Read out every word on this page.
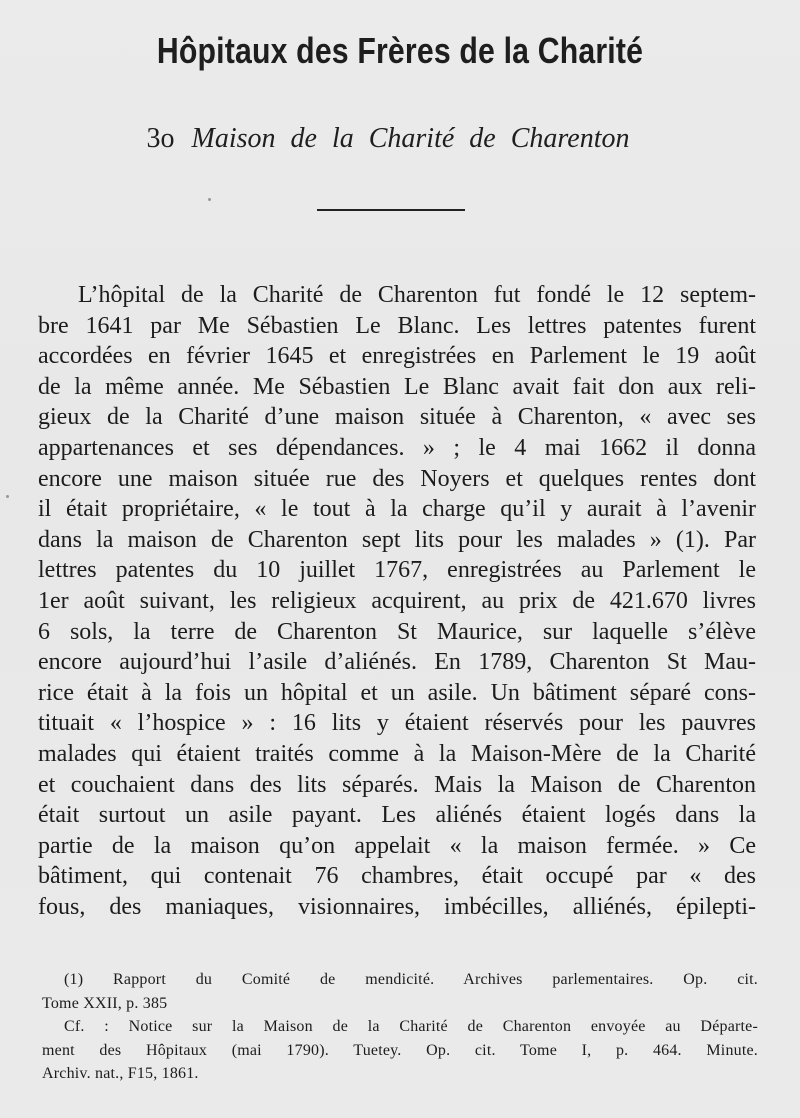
Hôpitaux des Frères de la Charité
3o Maison de la Charité de Charenton
L’hôpital de la Charité de Charenton fut fondé le 12 septem-
bre 1641 par Me Sébastien Le Blanc. Les lettres patentes furent
accordées en février 1645 et enregistrées en Parlement le 19 août
de la même année. Me Sébastien Le Blanc avait fait don aux reli-
gieux de la Charité d’une maison située à Charenton, « avec ses
appartenances et ses dépendances. » ; le 4 mai 1662 il donna
encore une maison située rue des Noyers et quelques rentes dont
il était propriétaire, « le tout à la charge qu’il y aurait à l’avenir
dans la maison de Charenton sept lits pour les malades » (1). Par
lettres patentes du 10 juillet 1767, enregistrées au Parlement le
1er août suivant, les religieux acquirent, au prix de 421.670 livres
6 sols, la terre de Charenton St Maurice, sur laquelle s’élève
encore aujourd’hui l’asile d’aliénés. En 1789, Charenton St Mau-
rice était à la fois un hôpital et un asile. Un bâtiment séparé cons-
tituait « l’hospice » : 16 lits y étaient réservés pour les pauvres
malades qui étaient traités comme à la Maison-Mère de la Charité
et couchaient dans des lits séparés. Mais la Maison de Charenton
était surtout un asile payant. Les aliénés étaient logés dans la
partie de la maison qu’on appelait « la maison fermée. » Ce
bâtiment, qui contenait 76 chambres, était occupé par « des
fous, des maniaques, visionnaires, imbécilles, alliénés, épilepti-
(1) Rapport du Comité de mendicité. Archives parlementaires. Op. cit.
Tome XXII, p. 385
Cf. : Notice sur la Maison de la Charité de Charenton envoyée au Départe-
ment des Hôpitaux (mai 1790). Tuetey. Op. cit. Tome I, p. 464. Minute.
Archiv. nat., F15, 1861.
